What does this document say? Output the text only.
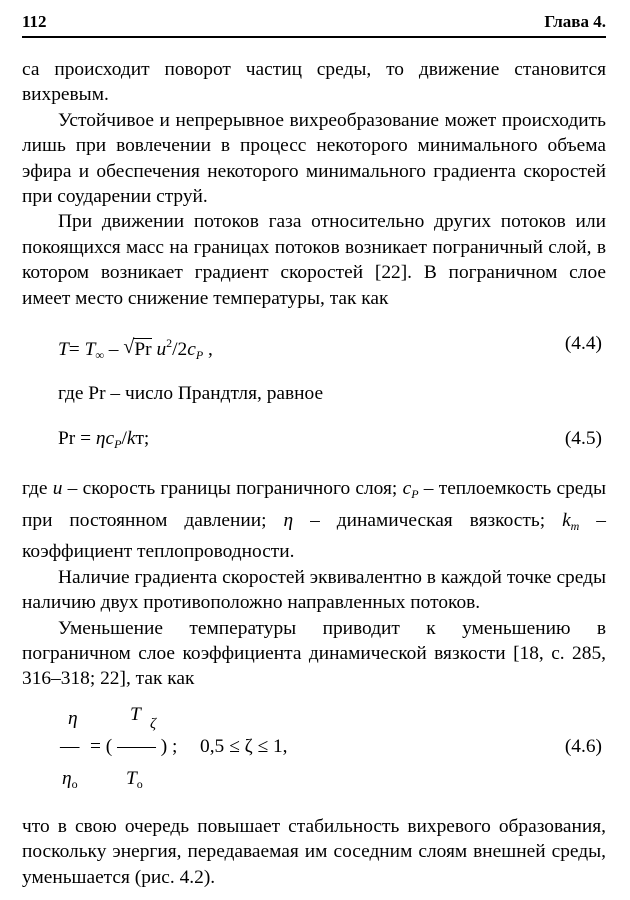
112	Глава 4.

са происходит поворот частиц среды, то движение становится вихревым.

Устойчивое и непрерывное вихреобразование может происходить лишь при вовлечении в процесс некоторого минимального объема эфира и обеспечения некоторого минимального градиента скоростей при соударении струй.

При движении потоков газа относительно других потоков или покоящихся масс на границах потоков возникает пограничный слой, в котором возникает градиент скоростей [22]. В пограничном слое имеет место снижение температуры, так как

$T= T_\infty$ – √ Pr $u^2/2c_P$ ,	(4.4)

где Pr – число Прандтля, равное

$Pr = \eta c_P/kт$;	(4.5)

где u – скорость границы пограничного слоя; $c_P$ – теплоемкость среды при постоянном давлении; η – динамическая вязкость; $k_т$ – коэффициент теплопроводности.

Наличие градиента скоростей эквивалентно в каждой точке среды наличию двух противоположно направленных потоков.

Уменьшение температуры приводит к уменьшению в пограничном слое коэффициента динамической вязкости [18, с. 285, 316–318; 22], так как

η	T ζ
— = ( —— ) ; 0,5 ≤ ζ ≤ 1,
$\eta_о$ $T_о$
(4.6)

что в свою очередь повышает стабильность вихревого образования, поскольку энергия, передаваемая им соседним слоям внешней среды, уменьшается (рис. 4.2).
